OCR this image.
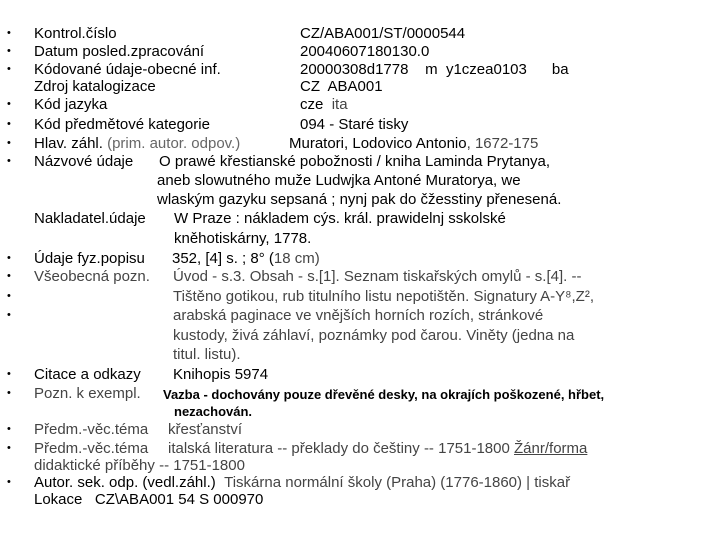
•
•
•
•
•
•
•
•
•
•
•
•
•
•
•
•
Kontrol.číslo	CZ/ABA001/ST/0000544
Datum posled.zpracování	20040607180130.0
Kódované údaje-obecné inf.	20000308d1778    m  y1czea0103      ba
Zdroj katalogizace	CZ  ABA001
Kód jazyka	cze ita
Kód předmětové kategorie	094 - Staré tisky
Hlav. záhl. (prim. autor. odpov.)	Muratori, Lodovico Antonio, 1672-175
Názvové údaje O prawé křestianské pobožnosti / kniha Laminda Prytanya,
aneb slowutného muže Ludwjka Antoné Muratorya, we
wlaským gazyku sepsaná ; nynj pak do čžesstiny přenesená.
Nakladatel.údaje W Praze : nákladem cýs. král. prawidelnj sskolské
kněhotiskárny, 1778.
Údaje fyz.popisu 352, [4] s. ; 8° (18 cm)
Všeobecná pozn. Úvod - s.3. Obsah - s.[1]. Seznam tiskařských omylů - s.[4]. --
Tištěno gotikou, rub titulního listu nepotištěn. Signatury A-Y⁸,Z²,
arabská paginace ve vnějších horních rozích, stránkové
kustody, živá záhlaví, poznámky pod čarou. Viněty (jedna na
titul. listu).
Citace a odkazy Knihopis 5974
Pozn. k exempl. Vazba - dochovány pouze dřevěné desky, na okrajích poškozené, hřbet,
nezachován.
Předm.-věc.téma křesťanství
Předm.-věc.téma italská literatura -- překlady do češtiny -- 1751-1800 Žánr/forma
didaktické příběhy -- 1751-1800
Autor. sek. odp. (vedl.záhl.) Tiskárna normální školy (Praha) (1776-1860) | tiskař
Lokace CZ\ABA001 54 S 000970
